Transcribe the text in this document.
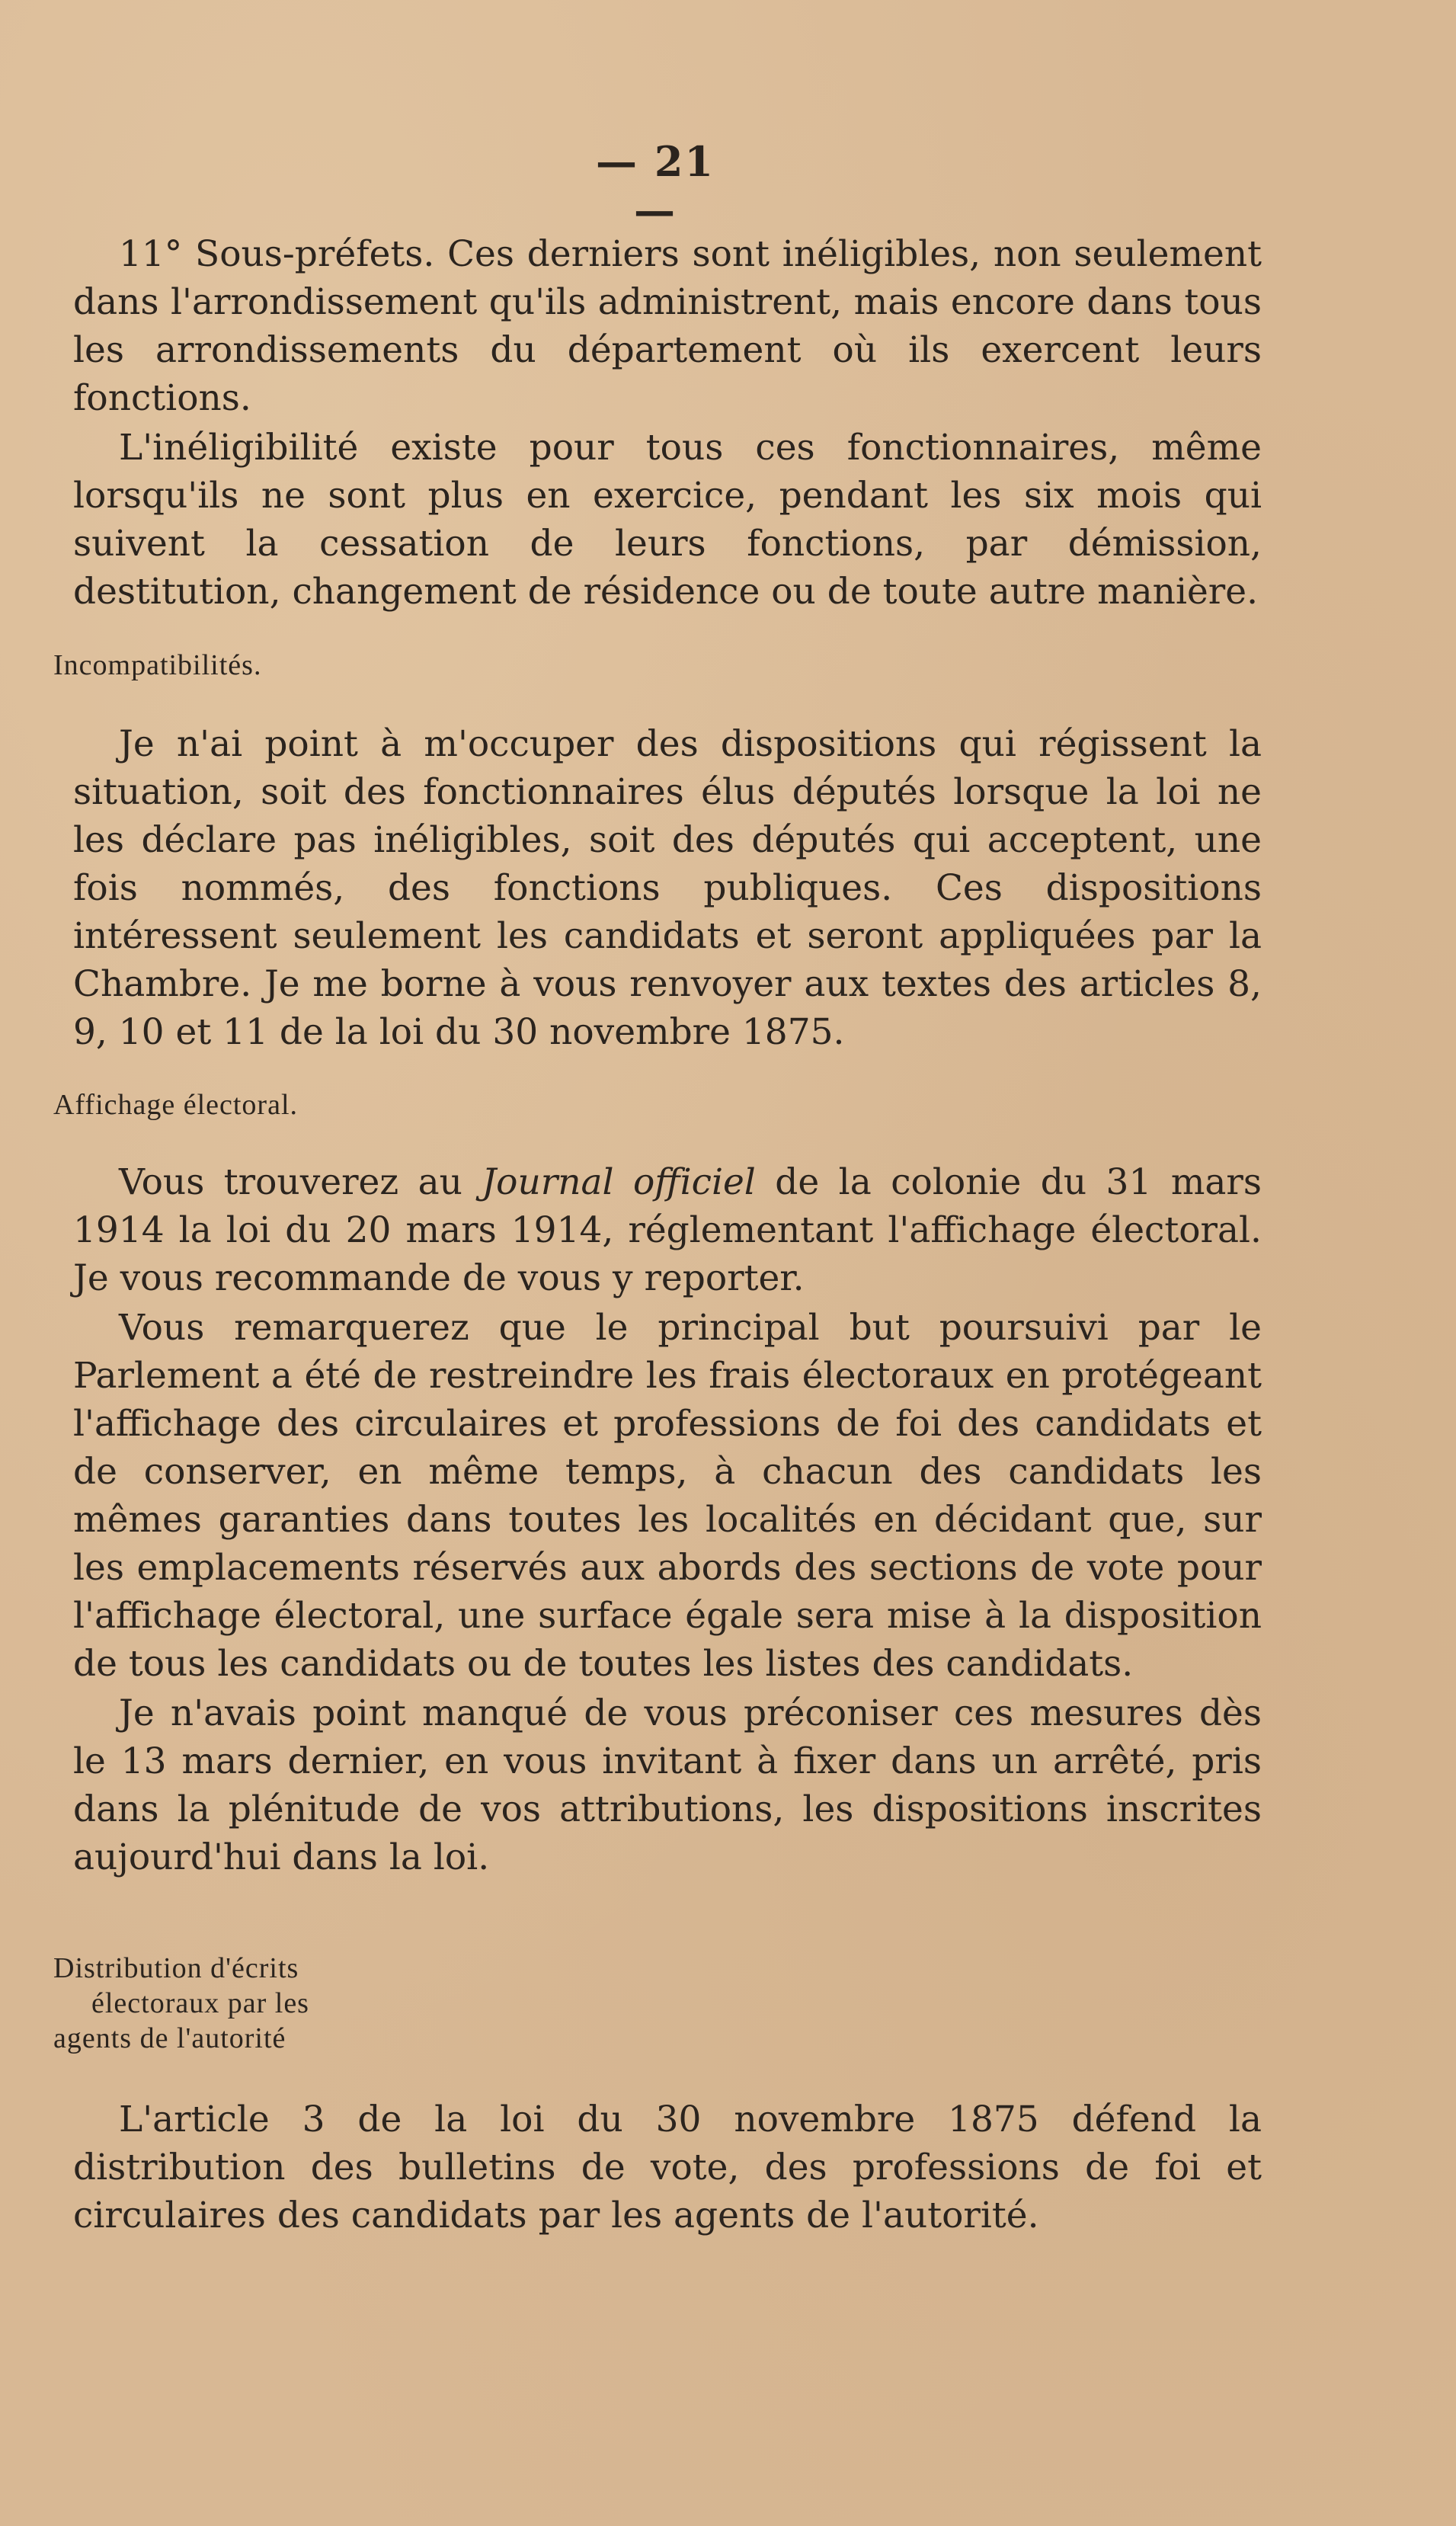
— 21 —

11° Sous-préfets. Ces derniers sont inéligibles, non seulement dans l'arrondissement qu'ils administrent, mais encore dans tous les arrondissements du département où ils exercent leurs fonctions.

L'inéligibilité existe pour tous ces fonctionnaires, même lorsqu'ils ne sont plus en exercice, pendant les six mois qui suivent la cessation de leurs fonctions, par démission, destitution, changement de résidence ou de toute autre manière.

Incompatibilités.

Je n'ai point à m'occuper des dispositions qui régissent la situation, soit des fonctionnaires élus députés lorsque la loi ne les déclare pas inéligibles, soit des députés qui acceptent, une fois nommés, des fonctions publiques. Ces dispositions intéressent seulement les candidats et seront appliquées par la Chambre. Je me borne à vous renvoyer aux textes des articles 8, 9, 10 et 11 de la loi du 30 novembre 1875.

Affichage électoral.

Vous trouverez au Journal officiel de la colonie du 31 mars 1914 la loi du 20 mars 1914, réglementant l'affichage électoral. Je vous recommande de vous y reporter.

Vous remarquerez que le principal but poursuivi par le Parlement a été de restreindre les frais électoraux en protégeant l'affichage des circulaires et professions de foi des candidats et de conserver, en même temps, à chacun des candidats les mêmes garanties dans toutes les localités en décidant que, sur les emplacements réservés aux abords des sections de vote pour l'affichage électoral, une surface égale sera mise à la disposition de tous les candidats ou de toutes les listes des candidats.

Je n'avais point manqué de vous préconiser ces mesures dès le 13 mars dernier, en vous invitant à fixer dans un arrêté, pris dans la plénitude de vos attributions, les dispositions inscrites aujourd'hui dans la loi.

Distribution d'écrits
électoraux par les
agents de l'autorité

L'article 3 de la loi du 30 novembre 1875 défend la distribution des bulletins de vote, des professions de foi et circulaires des candidats par les agents de l'autorité.
